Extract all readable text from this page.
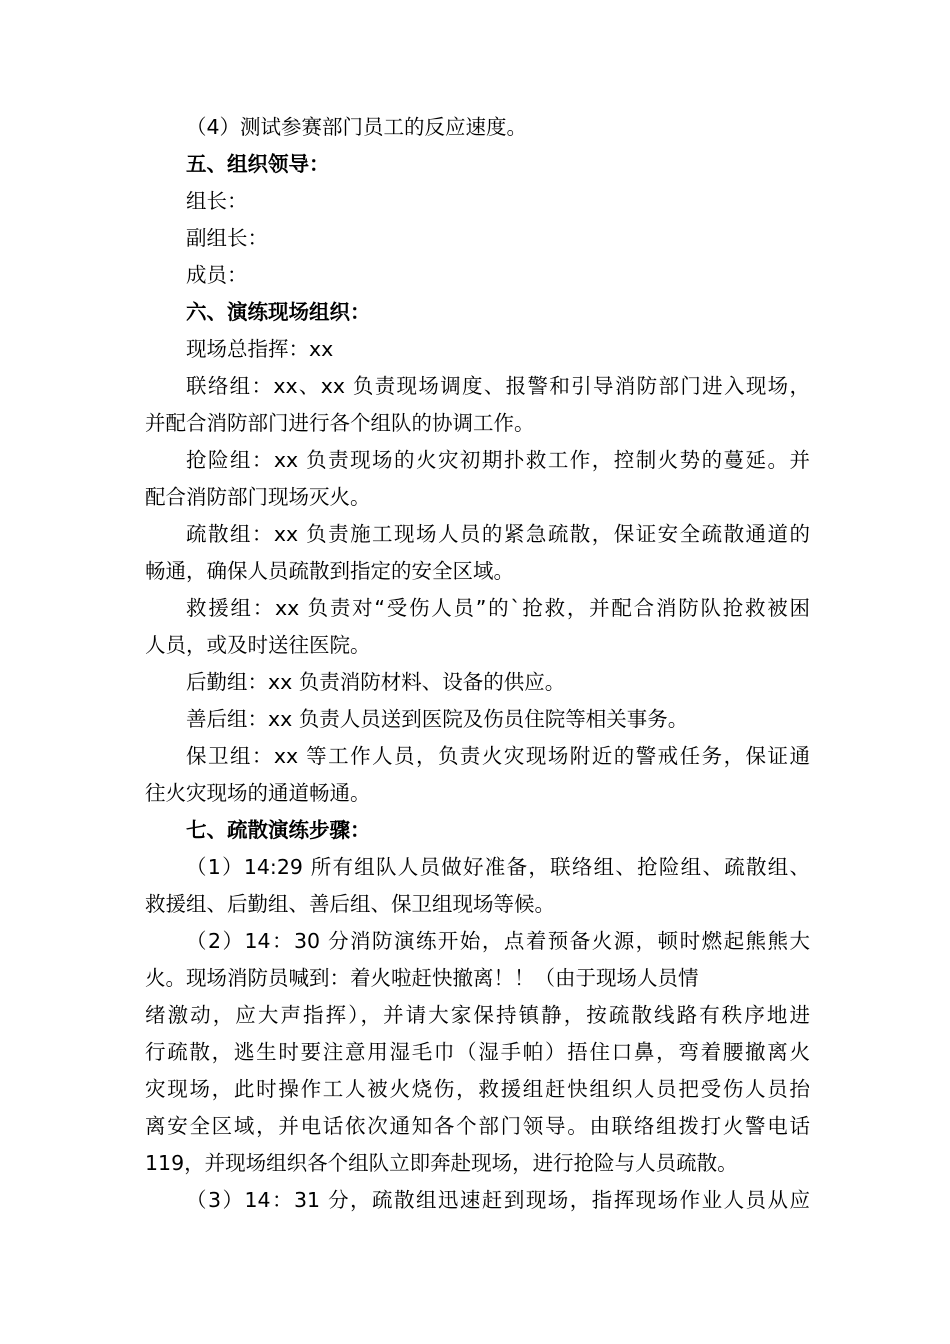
（4）测试参赛部门员工的反应速度。
五、组织领导：
组长：
副组长：
成员：
六、演练现场组织：
现场总指挥：xx
联络组：xx、xx 负责现场调度、报警和引导消防部门进入现场，
并配合消防部门进行各个组队的协调工作。
抢险组：xx 负责现场的火灾初期扑救工作，控制火势的蔓延。并
配合消防部门现场灭火。
疏散组：xx 负责施工现场人员的紧急疏散，保证安全疏散通道的
畅通，确保人员疏散到指定的安全区域。
救援组：xx 负责对“受伤人员”的`抢救，并配合消防队抢救被困
人员，或及时送往医院。
后勤组：xx 负责消防材料、设备的供应。
善后组：xx 负责人员送到医院及伤员住院等相关事务。
保卫组：xx 等工作人员，负责火灾现场附近的警戒任务，保证通
往火灾现场的通道畅通。
七、疏散演练步骤：
（1）14:29 所有组队人员做好准备，联络组、抢险组、疏散组、
救援组、后勤组、善后组、保卫组现场等候。
（2）14：30 分消防演练开始，点着预备火源，顿时燃起熊熊大
火。现场消防员喊到：着火啦赶快撤离！！（由于现场人员情
绪激动，应大声指挥），并请大家保持镇静，按疏散线路有秩序地进
行疏散，逃生时要注意用湿毛巾（湿手帕）捂住口鼻，弯着腰撤离火
灾现场，此时操作工人被火烧伤，救援组赶快组织人员把受伤人员抬
离安全区域，并电话依次通知各个部门领导。由联络组拨打火警电话
119，并现场组织各个组队立即奔赴现场，进行抢险与人员疏散。
（3）14：31 分，疏散组迅速赶到现场，指挥现场作业人员从应
